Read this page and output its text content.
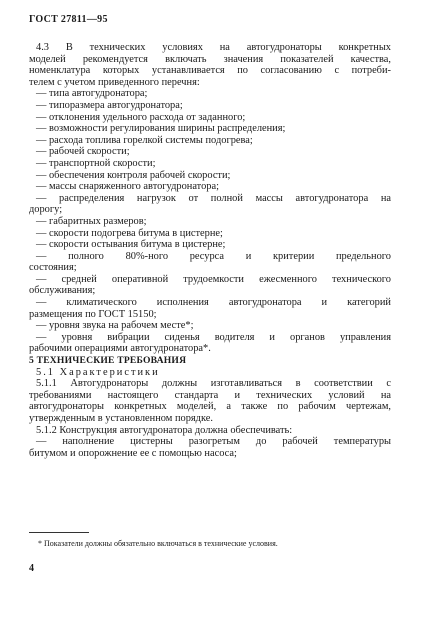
ГОСТ 27811—95

4.3 В технических условиях на автогудронаторы конкретных

моделей рекомендуется включать значения показателей качества,

номенклатура которых устанавливается по согласованию с потреби-

телем с учетом приведенного перечня:

— типа автогудронатора;

— типоразмера автогудронатора;

— отклонения удельного расхода от заданного;

— возможности регулирования ширины распределения;

— расхода топлива горелкой системы подогрева;

— рабочей скорости;

— транспортной скорости;

— обеспечения контроля рабочей скорости;

— массы снаряженного автогудронатора;

— распределения нагрузок от полной массы автогудронатора на

дорогу;

— габаритных размеров;

— скорости подогрева битума в цистерне;

— скорости остывания битума в цистерне;

— полного 80%-ного ресурса и критерии предельного

состояния;

— средней оперативной трудоемкости ежесменного технического

обслуживания;

— климатического исполнения автогудронатора и категорий

размещения по ГОСТ 15150;

— уровня звука на рабочем месте*;

— уровня вибрации сиденья водителя и органов управления

рабочими операциями автогудронатора*.

5 ТЕХНИЧЕСКИЕ ТРЕБОВАНИЯ

5.1 Характеристики

5.1.1 Автогудронаторы должны изготавливаться в соответствии с

требованиями настоящего стандарта и технических условий на

автогудронаторы конкретных моделей, а также по рабочим чертежам,

утвержденным в установленном порядке.

5.1.2 Конструкция автогудронатора должна обеспечивать:

— наполнение цистерны разогретым до рабочей температуры

битумом и опорожнение ее с помощью насоса;

* Показатели должны обязательно включаться в технические условия.
4
